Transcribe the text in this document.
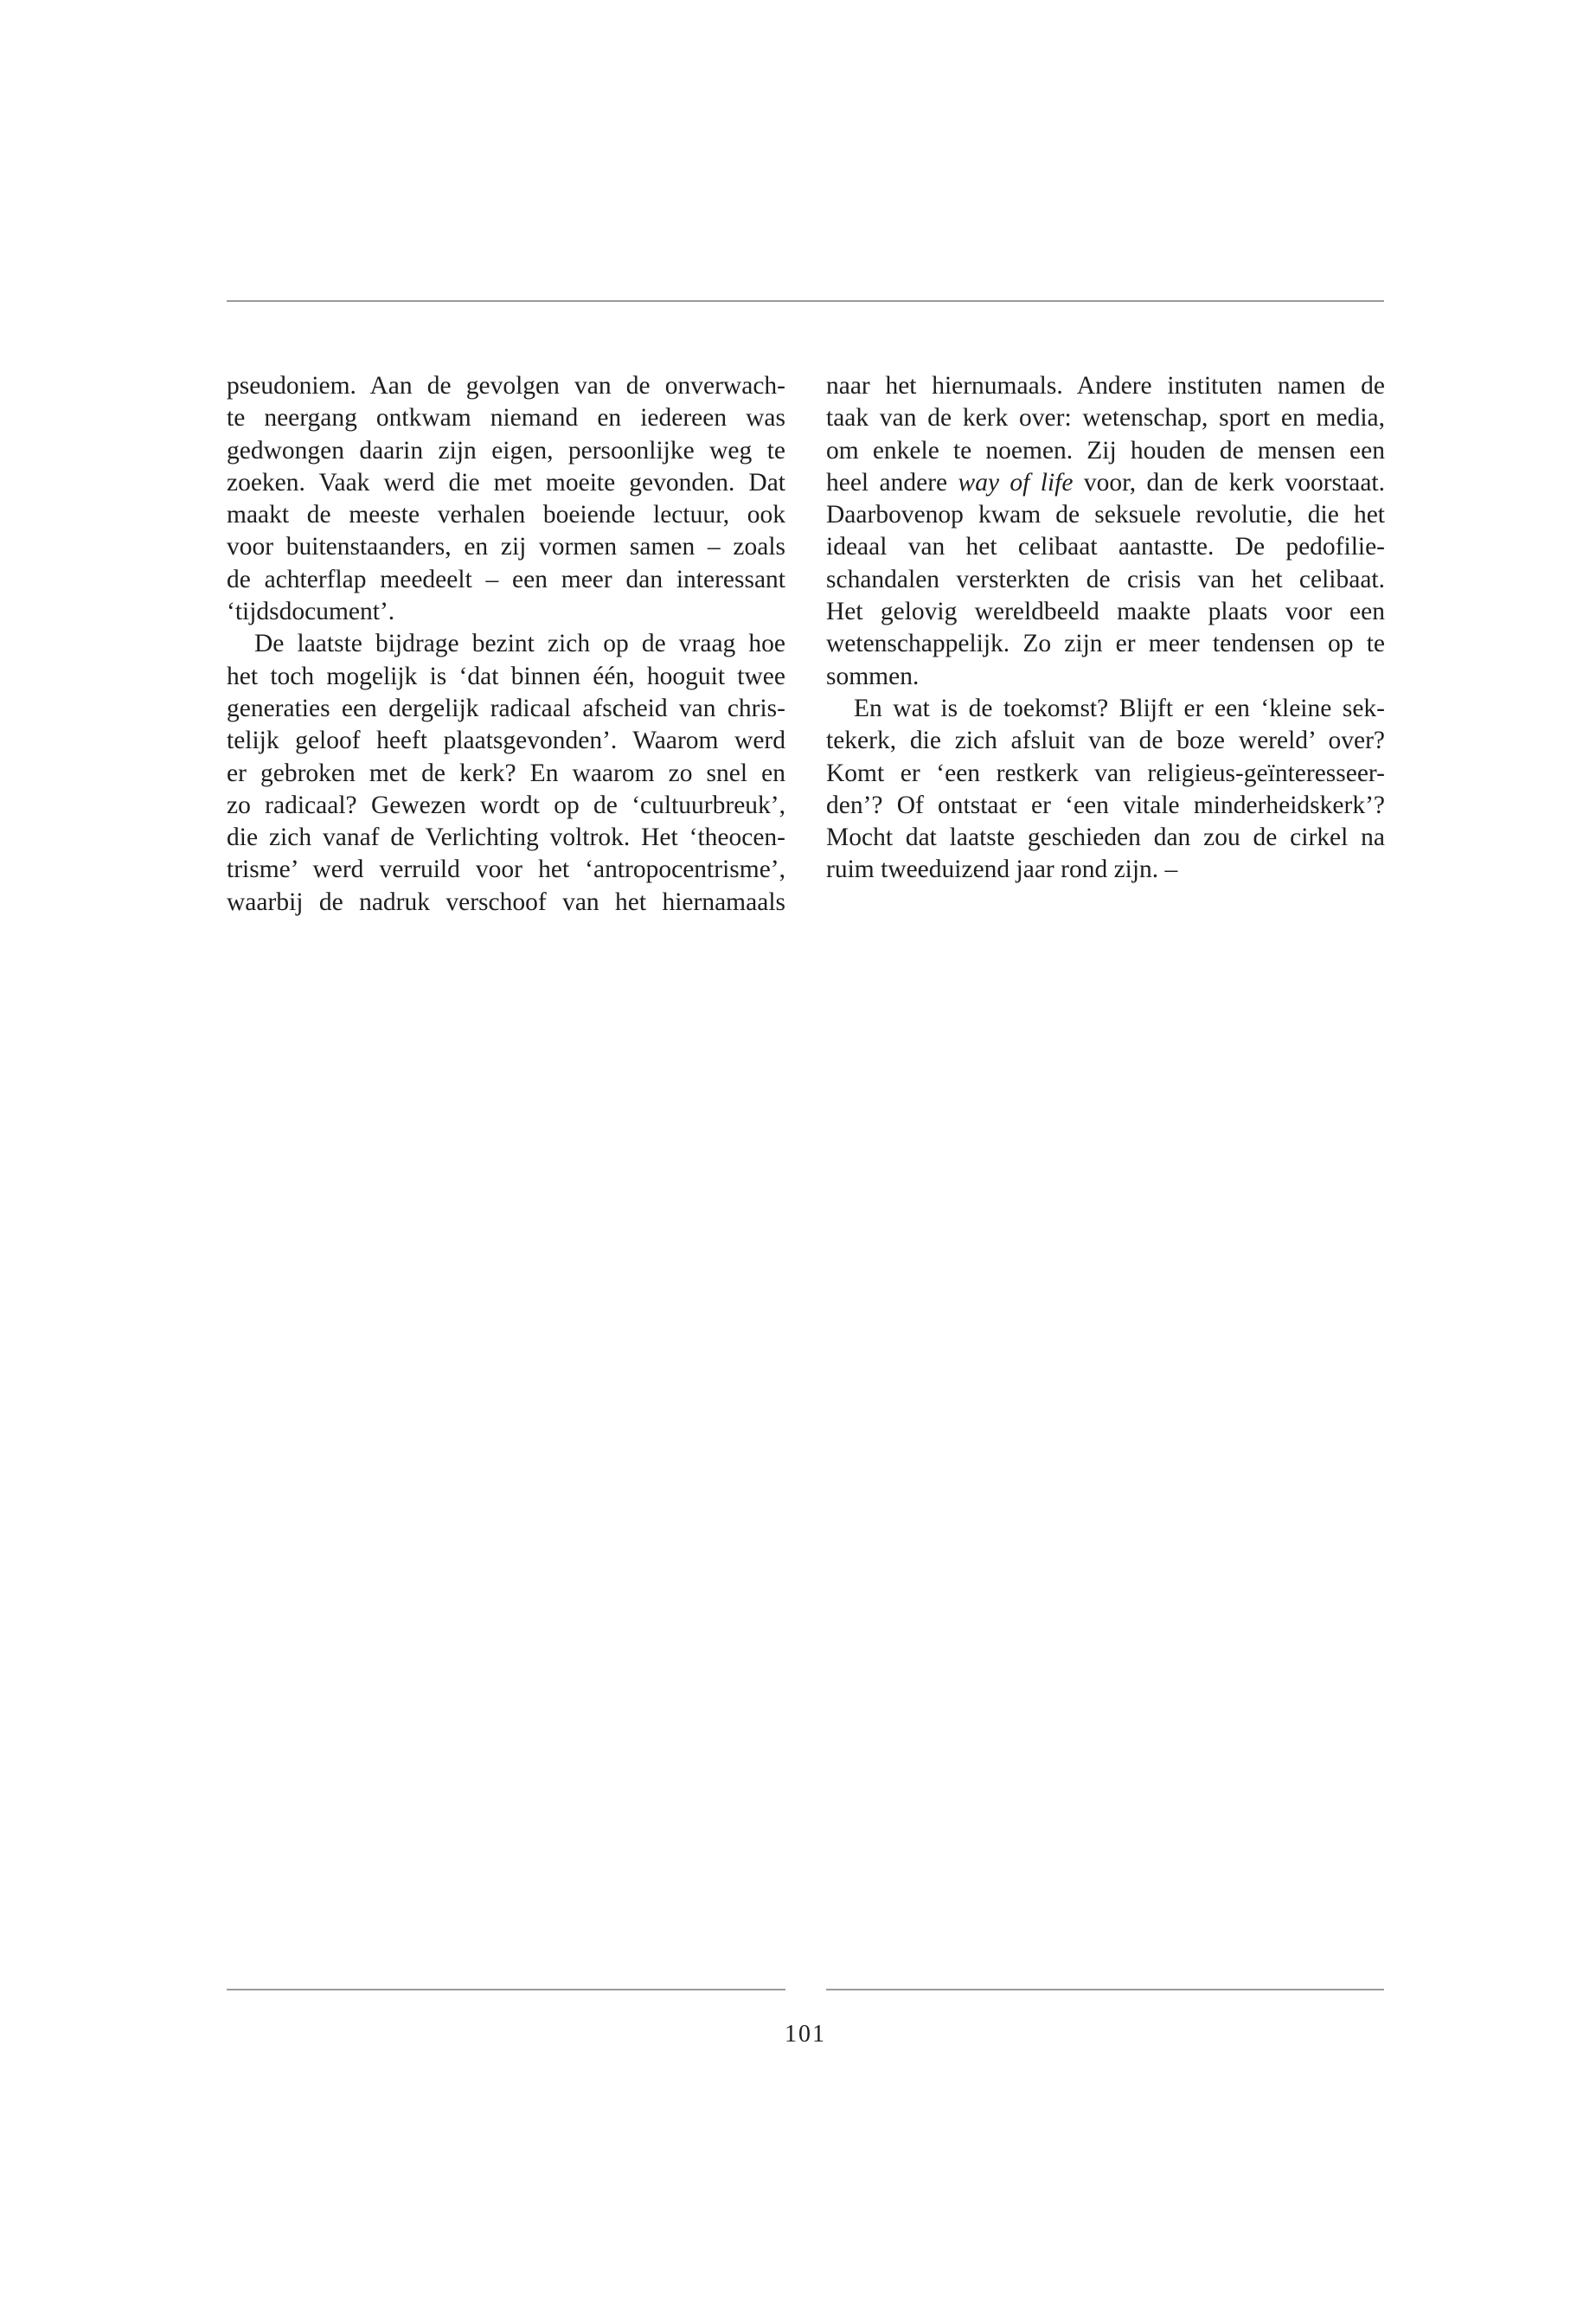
pseudoniem. Aan de gevolgen van de onverwach-
te neergang ontkwam niemand en iedereen was
gedwongen daarin zijn eigen, persoonlijke weg te
zoeken. Vaak werd die met moeite gevonden. Dat
maakt de meeste verhalen boeiende lectuur, ook
voor buitenstaanders, en zij vormen samen – zoals
de achterflap meedeelt – een meer dan interessant
‘tijdsdocument’.
De laatste bijdrage bezint zich op de vraag hoe
het toch mogelijk is ‘dat binnen één, hooguit twee
generaties een dergelijk radicaal afscheid van chris-
telijk geloof heeft plaatsgevonden’. Waarom werd
er gebroken met de kerk? En waarom zo snel en
zo radicaal? Gewezen wordt op de ‘cultuurbreuk’,
die zich vanaf de Verlichting voltrok. Het ‘theocen-
trisme’ werd verruild voor het ‘antropocentrisme’,
waarbij de nadruk verschoof van het hiernamaals
naar het hiernumaals. Andere instituten namen de
taak van de kerk over: wetenschap, sport en media,
om enkele te noemen. Zij houden de mensen een
heel andere way of life voor, dan de kerk voorstaat.
Daarbovenop kwam de seksuele revolutie, die het
ideaal van het celibaat aantastte. De pedofilie-
schandalen versterkten de crisis van het celibaat.
Het gelovig wereldbeeld maakte plaats voor een
wetenschappelijk. Zo zijn er meer tendensen op te
sommen.
En wat is de toekomst? Blijft er een ‘kleine sek-
tekerk, die zich afsluit van de boze wereld’ over?
Komt er ‘een restkerk van religieus-geïnteresseer-
den’? Of ontstaat er ‘een vitale minderheidskerk’?
Mocht dat laatste geschieden dan zou de cirkel na
ruim tweeduizend jaar rond zijn. –
101
